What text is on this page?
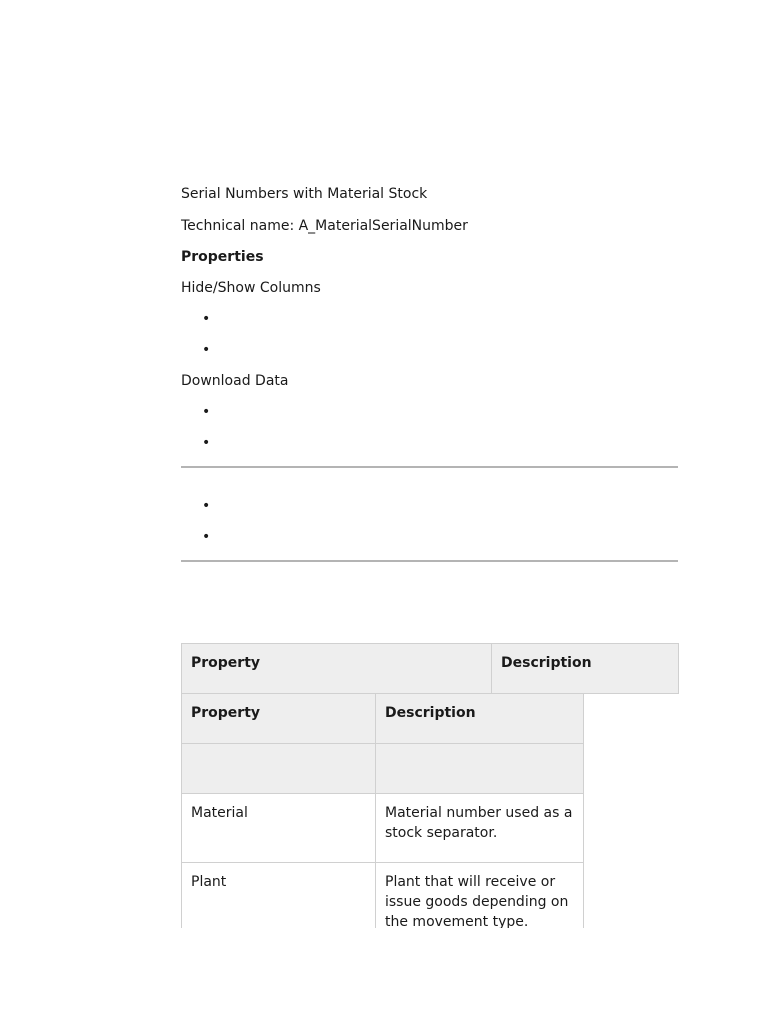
Serial Numbers with Material Stock
Technical name: A_MaterialSerialNumber
Properties
Hide/Show Columns
•
•
Download Data
•
•
•
•
Property	Description
Property	Description

Material	Material number used as a stock separator.
Plant	Plant that will receive or issue goods depending on the movement type.
